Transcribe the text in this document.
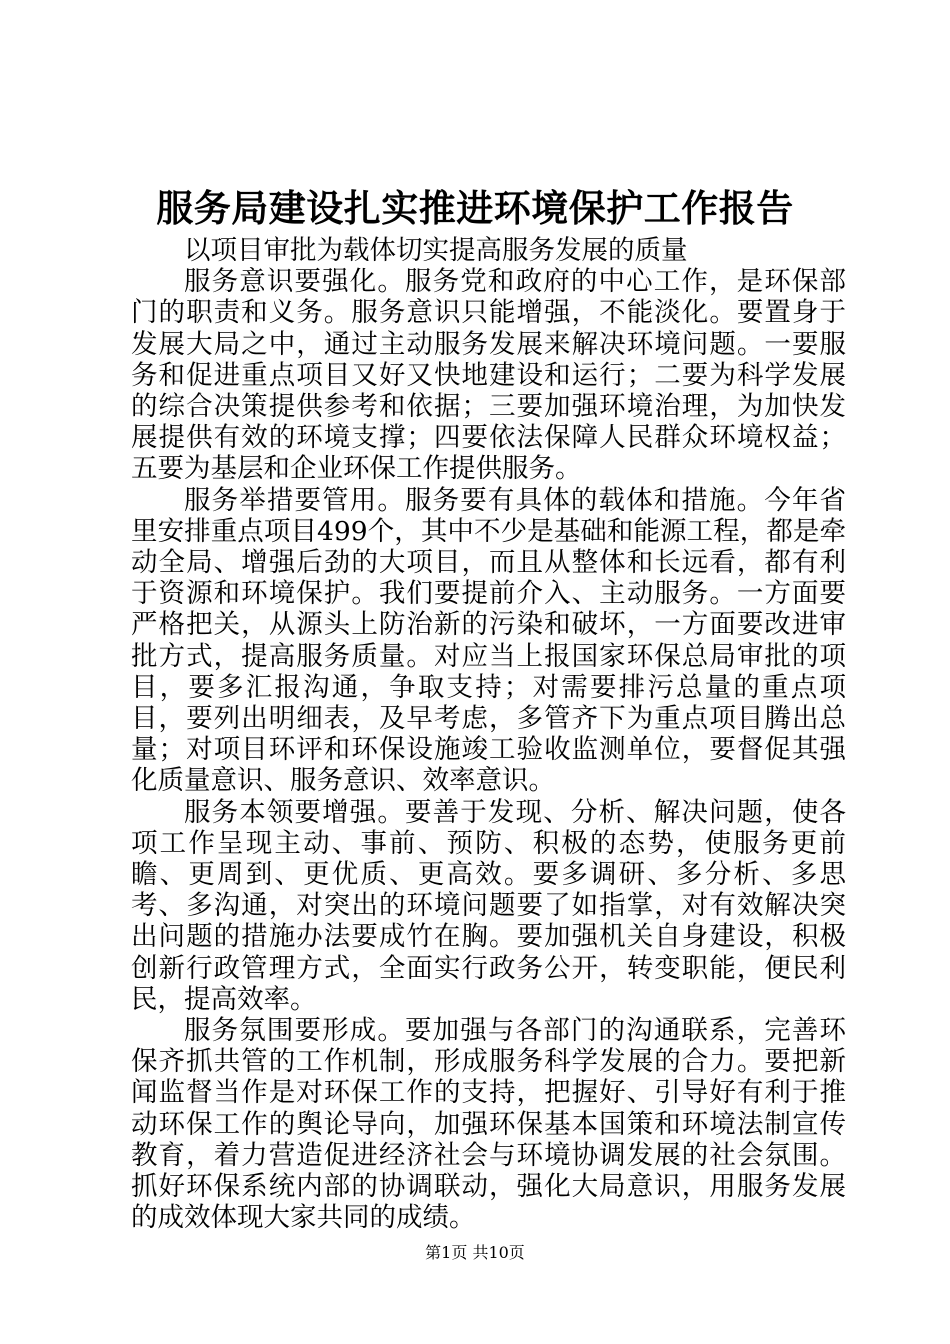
服务局建设扎实推进环境保护工作报告

以项目审批为载体切实提高服务发展的质量

服务意识要强化。服务党和政府的中心工作，是环保部门的职责和义务。服务意识只能增强，不能淡化。要置身于发展大局之中，通过主动服务发展来解决环境问题。一要服务和促进重点项目又好又快地建设和运行；二要为科学发展的综合决策提供参考和依据；三要加强环境治理，为加快发展提供有效的环境支撑；四要依法保障人民群众环境权益；五要为基层和企业环保工作提供服务。

服务举措要管用。服务要有具体的载体和措施。今年省里安排重点项目499个，其中不少是基础和能源工程，都是牵动全局、增强后劲的大项目，而且从整体和长远看，都有利于资源和环境保护。我们要提前介入、主动服务。一方面要严格把关，从源头上防治新的污染和破坏，一方面要改进审批方式，提高服务质量。对应当上报国家环保总局审批的项目，要多汇报沟通，争取支持；对需要排污总量的重点项目，要列出明细表，及早考虑，多管齐下为重点项目腾出总量；对项目环评和环保设施竣工验收监测单位，要督促其强化质量意识、服务意识、效率意识。

服务本领要增强。要善于发现、分析、解决问题，使各项工作呈现主动、事前、预防、积极的态势，使服务更前瞻、更周到、更优质、更高效。要多调研、多分析、多思考、多沟通，对突出的环境问题要了如指掌，对有效解决突出问题的措施办法要成竹在胸。要加强机关自身建设，积极创新行政管理方式，全面实行政务公开，转变职能，便民利民，提高效率。

服务氛围要形成。要加强与各部门的沟通联系，完善环保齐抓共管的工作机制，形成服务科学发展的合力。要把新闻监督当作是对环保工作的支持，把握好、引导好有利于推动环保工作的舆论导向，加强环保基本国策和环境法制宣传教育，着力营造促进经济社会与环境协调发展的社会氛围。抓好环保系统内部的协调联动，强化大局意识，用服务发展的成效体现大家共同的成绩。

第1页 共10页
